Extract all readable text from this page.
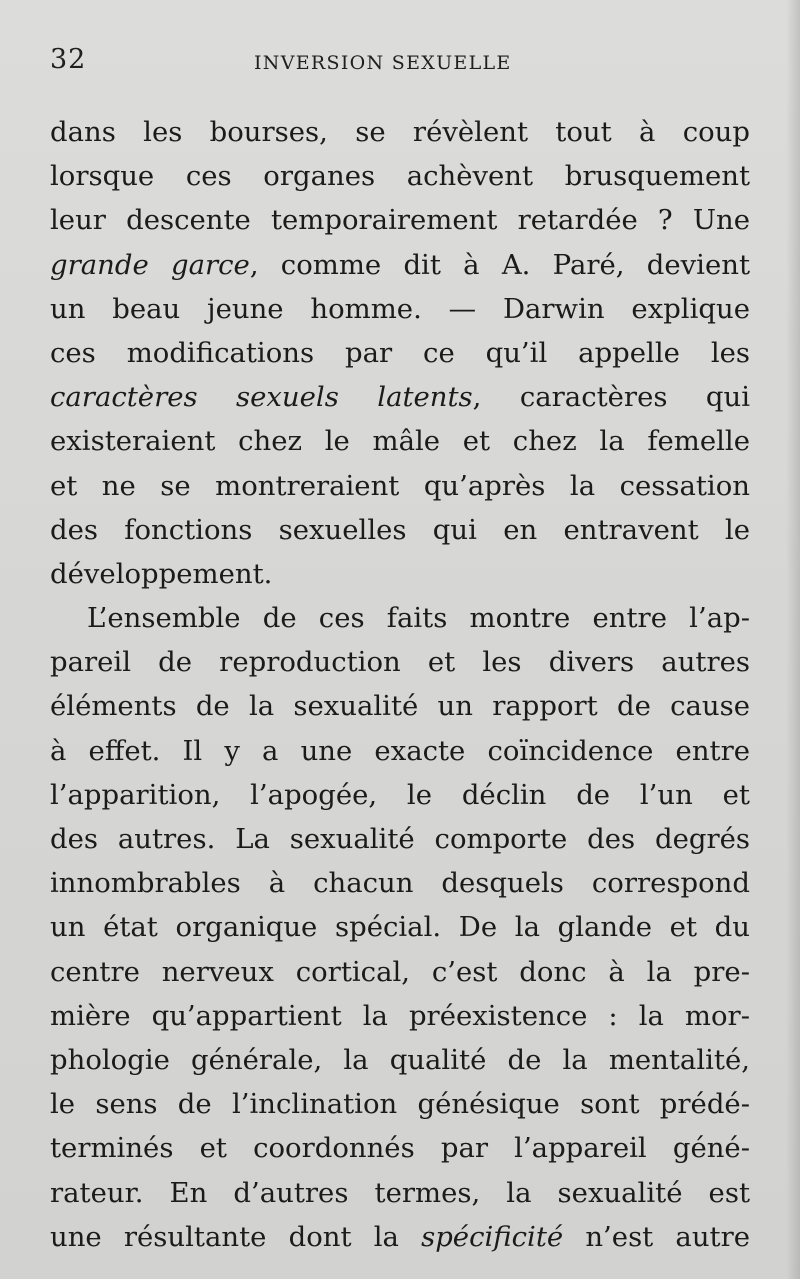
32	INVERSION SEXUELLE
dans les bourses, se révèlent tout à coup
lorsque ces organes achèvent brusquement
leur descente temporairement retardée ? Une
grande garce, comme dit à A. Paré, devient
un beau jeune homme. — Darwin explique
ces modifications par ce qu’il appelle les
caractères sexuels latents, caractères qui
existeraient chez le mâle et chez la femelle
et ne se montreraient qu’après la cessation
des fonctions sexuelles qui en entravent le
développement.
L’ensemble de ces faits montre entre l’ap-
pareil de reproduction et les divers autres
éléments de la sexualité un rapport de cause
à effet. Il y a une exacte coïncidence entre
l’apparition, l’apogée, le déclin de l’un et
des autres. La sexualité comporte des degrés
innombrables à chacun desquels correspond
un état organique spécial. De la glande et du
centre nerveux cortical, c’est donc à la pre-
mière qu’appartient la préexistence : la mor-
phologie générale, la qualité de la mentalité,
le sens de l’inclination génésique sont prédé-
terminés et coordonnés par l’appareil géné-
rateur. En d’autres termes, la sexualité est
une résultante dont la spécificité n’est autre
